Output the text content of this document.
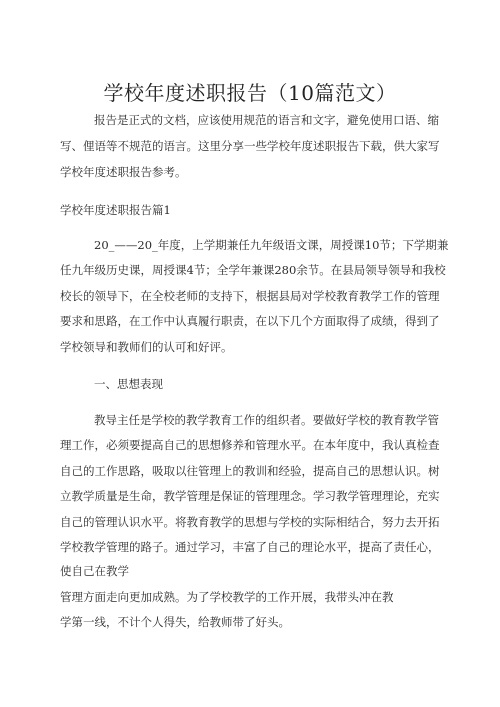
学校年度述职报告（10篇范文）
报告是正式的文档，应该使用规范的语言和文字，避免使用口语、缩
写、俚语等不规范的语言。这里分享一些学校年度述职报告下载，供大家写
学校年度述职报告参考。
学校年度述职报告篇1
20_——20_年度，上学期兼任九年级语文课，周授课10节；下学期兼
任九年级历史课，周授课4节；全学年兼课280余节。在县局领导领导和我校
校长的领导下，在全校老师的支持下，根据县局对学校教育教学工作的管理
要求和思路，在工作中认真履行职责，在以下几个方面取得了成绩，得到了
学校领导和教师们的认可和好评。
一、思想表现
教导主任是学校的教学教育工作的组织者。要做好学校的教育教学管
理工作，必须要提高自己的思想修养和管理水平。在本年度中，我认真检查
自己的工作思路，吸取以往管理上的教训和经验，提高自己的思想认识。树
立教学质量是生命，教学管理是保证的管理理念。学习教学管理理论，充实
自己的管理认识水平。将教育教学的思想与学校的实际相结合，努力去开拓
学校教学管理的路子。通过学习，丰富了自己的理论水平，提高了责任心，
使自己在教学
管理方面走向更加成熟。为了学校教学的工作开展，我带头冲在教
学第一线，不计个人得失，给教师带了好头。
